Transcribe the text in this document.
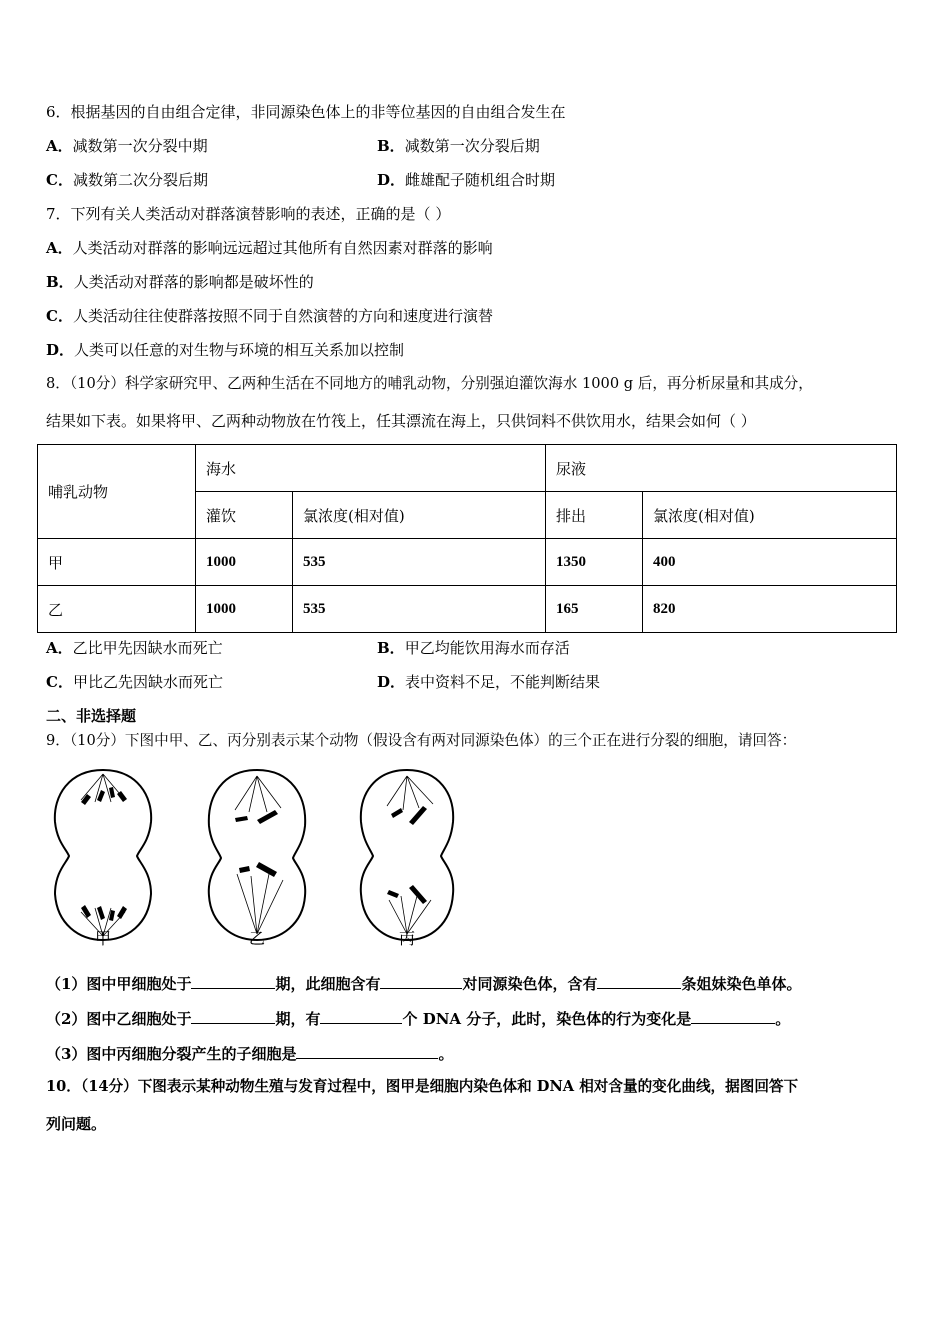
6．根据基因的自由组合定律，非同源染色体上的非等位基因的自由组合发生在
A．减数第一次分裂中期	B．减数第一次分裂后期
C．减数第二次分裂后期	D．雌雄配子随机组合时期
7．下列有关人类活动对群落演替影响的表述，正确的是（ ）
A．人类活动对群落的影响远远超过其他所有自然因素对群落的影响
B．人类活动对群落的影响都是破坏性的
C．人类活动往往使群落按照不同于自然演替的方向和速度进行演替
D．人类可以任意的对生物与环境的相互关系加以控制
8．（10分）科学家研究甲、乙两种生活在不同地方的哺乳动物，分别强迫灌饮海水 1000 g 后，再分析尿量和其成分，
结果如下表。如果将甲、乙两种动物放在竹筏上，任其漂流在海上，只供饲料不供饮用水，结果会如何（ ）
哺乳动物	海水		尿液	
	灌饮	氯浓度(相对值)	排出	氯浓度(相对值)
甲	1000	535	1350	400
乙	1000	535	165	820
A．乙比甲先因缺水而死亡	B．甲乙均能饮用海水而存活
C．甲比乙先因缺水而死亡	D．表中资料不足，不能判断结果
二、非选择题
9．（10分）下图中甲、乙、丙分别表示某个动物（假设含有两对同源染色体）的三个正在进行分裂的细胞，请回答：
甲	乙	丙
（1）图中甲细胞处于	期，此细胞含有	对同源染色体，含有	条姐妹染色单体。
（2）图中乙细胞处于	期，有	个 DNA 分子，此时，染色体的行为变化是	。
（3）图中丙细胞分裂产生的子细胞是	。
10．（14分）下图表示某种动物生殖与发育过程中，图甲是细胞内染色体和 DNA 相对含量的变化曲线，据图回答下
列问题。
